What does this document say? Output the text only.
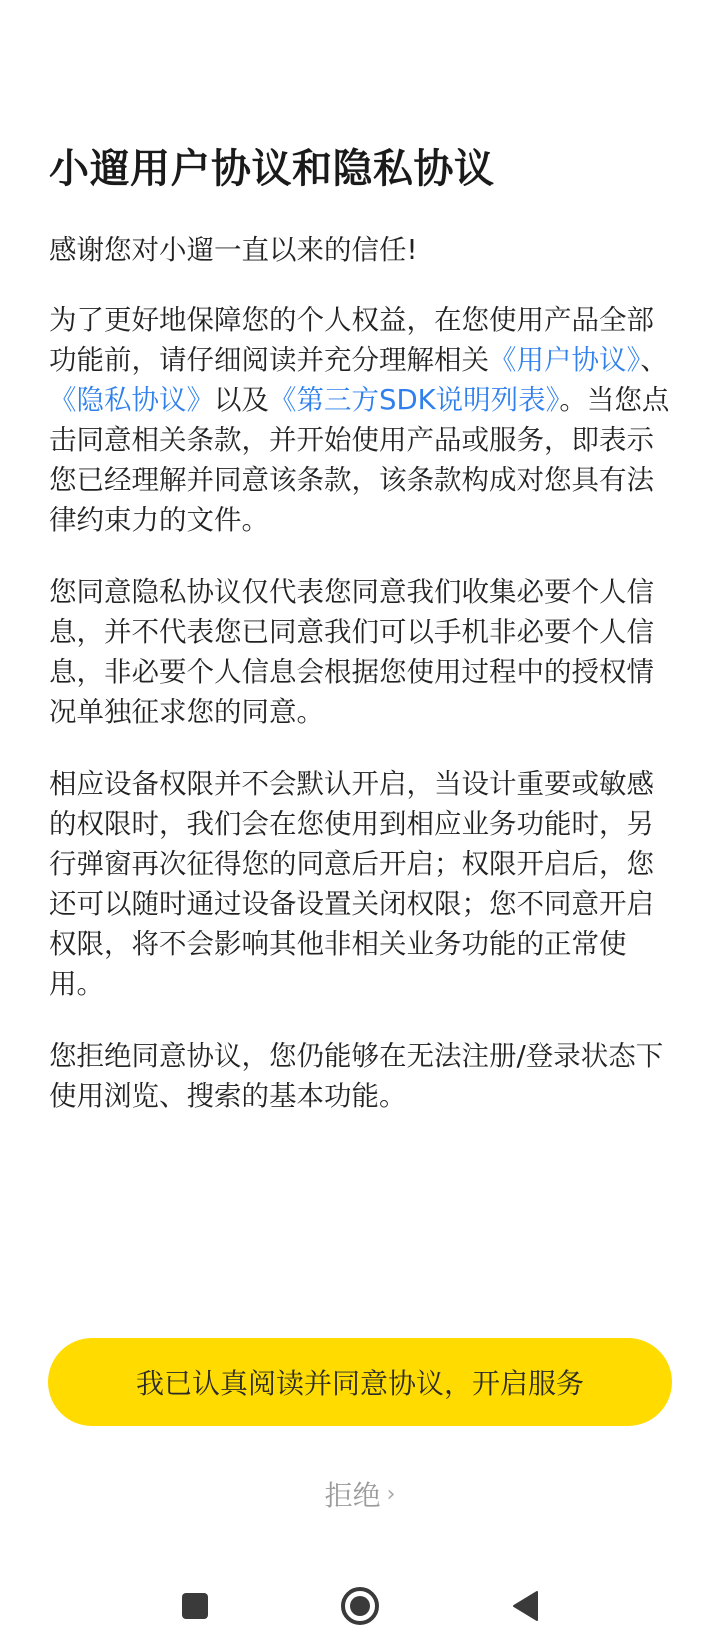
小遛用户协议和隐私协议

感谢您对小遛一直以来的信任!

为了更好地保障您的个人权益，在您使用产品全部功能前，请仔细阅读并充分理解相关《用户协议》、《隐私协议》以及《第三方SDK说明列表》。当您点击同意相关条款，并开始使用产品或服务，即表示您已经理解并同意该条款，该条款构成对您具有法律约束力的文件。

您同意隐私协议仅代表您同意我们收集必要个人信息，并不代表您已同意我们可以手机非必要个人信息，非必要个人信息会根据您使用过程中的授权情况单独征求您的同意。

相应设备权限并不会默认开启，当设计重要或敏感的权限时，我们会在您使用到相应业务功能时，另行弹窗再次征得您的同意后开启；权限开启后，您还可以随时通过设备设置关闭权限；您不同意开启权限，将不会影响其他非相关业务功能的正常使用。

您拒绝同意协议，您仍能够在无法注册/登录状态下使用浏览、搜索的基本功能。

我已认真阅读并同意协议，开启服务
拒绝 ›
